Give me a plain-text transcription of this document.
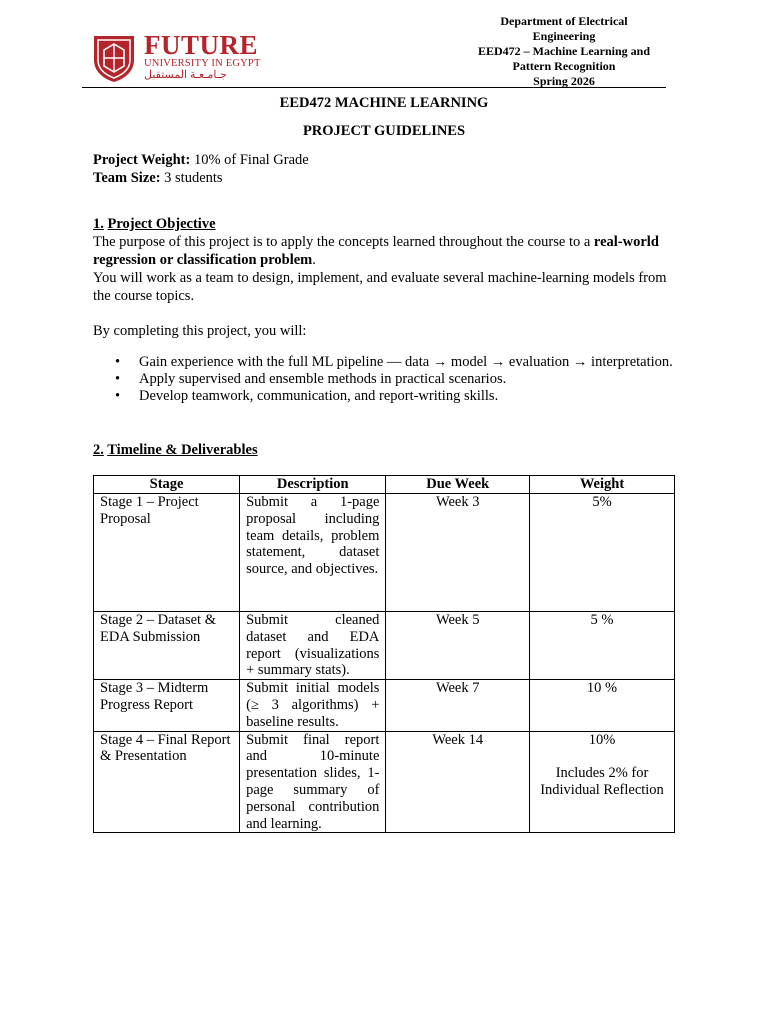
FUTURE
UNIVERSITY IN EGYPT
جـامـعـة المستقبل
Department of Electrical
Engineering
EED472 – Machine Learning and
Pattern Recognition
Spring 2026
EED472 MACHINE LEARNING
PROJECT GUIDELINES
Project Weight: 10% of Final Grade
Team Size: 3 students
1. Project Objective
The purpose of this project is to apply the concepts learned throughout the course to a real-world regression or classification problem.
You will work as a team to design, implement, and evaluate several machine-learning models from the course topics.
By completing this project, you will:
• Gain experience with the full ML pipeline — data → model → evaluation → interpretation.
• Apply supervised and ensemble methods in practical scenarios.
• Develop teamwork, communication, and report-writing skills.
2. Timeline & Deliverables
Stage	Description	Due Week	Weight
Stage 1 – Project Proposal	Submit a 1-page proposal including team details, problem statement, dataset source, and objectives.	Week 3	5%
Stage 2 – Dataset & EDA Submission	Submit cleaned dataset and EDA report (visualizations + summary stats).	Week 5	5 %
Stage 3 – Midterm Progress Report	Submit initial models (≥ 3 algorithms) + baseline results.	Week 7	10 %
Stage 4 – Final Report & Presentation	Submit final report and 10-minute presentation slides, 1-page summary of personal contribution and learning.	Week 14	10%
Includes 2% for Individual Reflection
